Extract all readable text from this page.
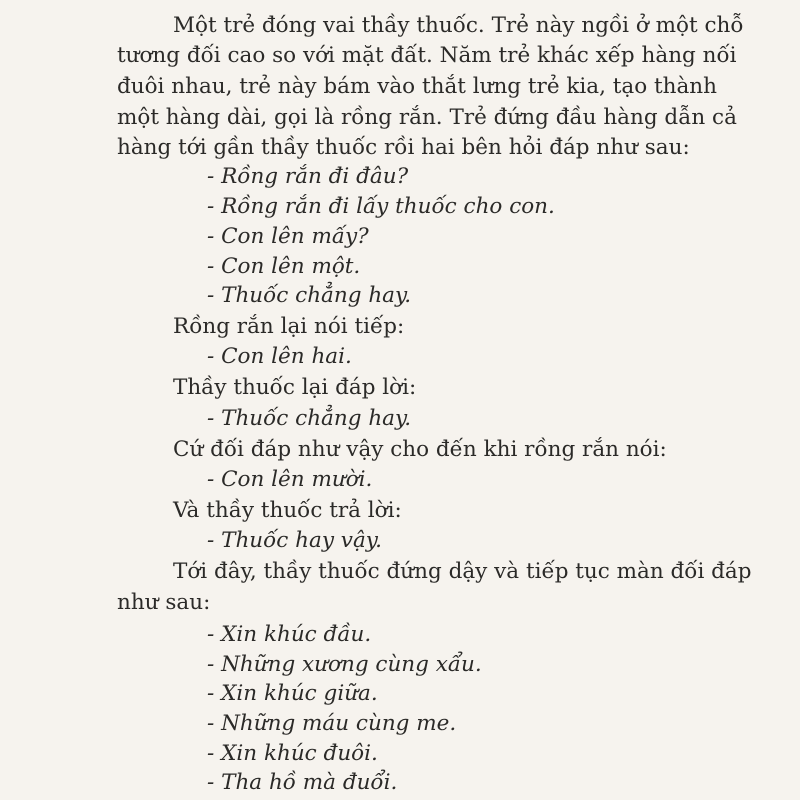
Một trẻ đóng vai thầy thuốc. Trẻ này ngồi ở một chỗ

tương đối cao so với mặt đất. Năm trẻ khác xếp hàng nối

đuôi nhau, trẻ này bám vào thắt lưng trẻ kia, tạo thành

một hàng dài, gọi là rồng rắn. Trẻ đứng đầu hàng dẫn cả

hàng tới gần thầy thuốc rồi hai bên hỏi đáp như sau:

- Rồng rắn đi đâu?

- Rồng rắn đi lấy thuốc cho con.

- Con lên mấy?

- Con lên một.

- Thuốc chẳng hay.

Rồng rắn lại nói tiếp:

- Con lên hai.

Thầy thuốc lại đáp lời:

- Thuốc chẳng hay.

Cứ đối đáp như vậy cho đến khi rồng rắn nói:

- Con lên mười.

Và thầy thuốc trả lời:

- Thuốc hay vậy.

Tới đây, thầy thuốc đứng dậy và tiếp tục màn đối đáp

như sau:

- Xin khúc đầu.

- Những xương cùng xẩu.

- Xin khúc giữa.

- Những máu cùng me.

- Xin khúc đuôi.

- Tha hồ mà đuổi.
